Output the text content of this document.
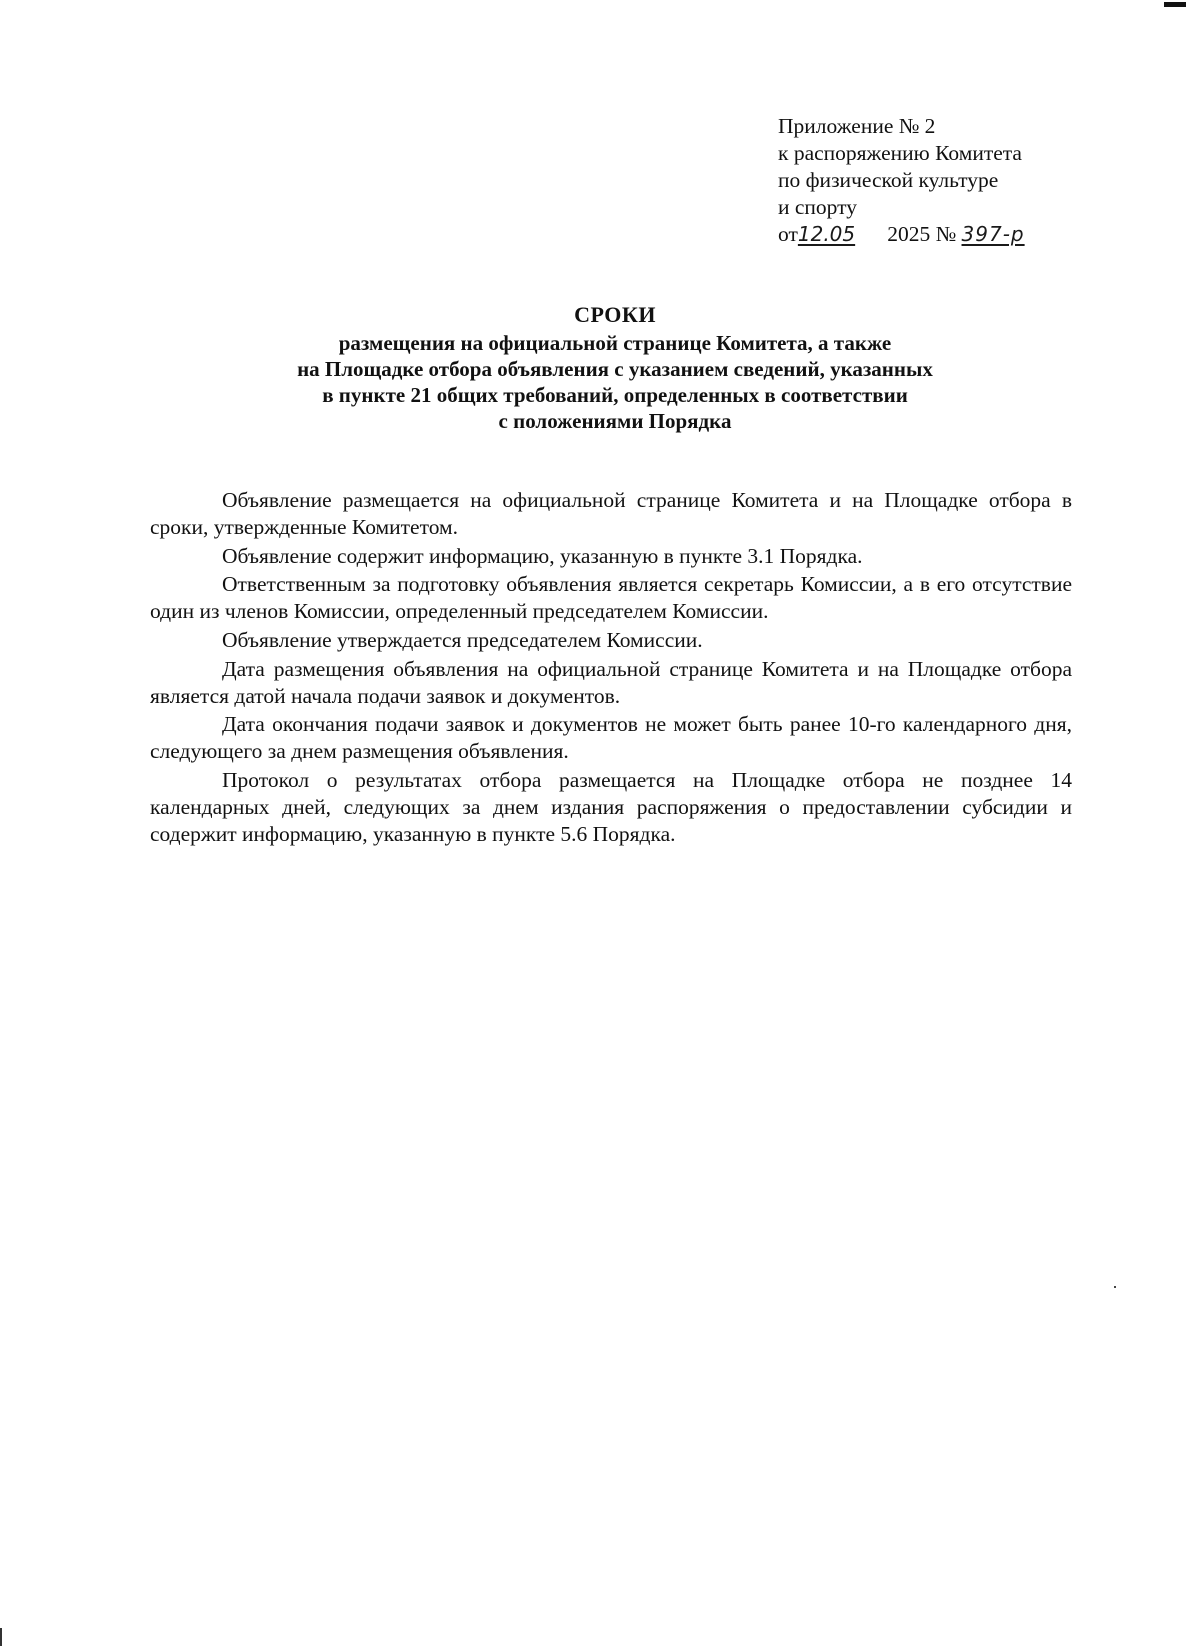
Приложение № 2
к распоряжению Комитета
по физической культуре
и спорту
от12.05 2025 № 397-р
СРОКИ
размещения на официальной странице Комитета, а также
на Площадке отбора объявления с указанием сведений, указанных
в пункте 21 общих требований, определенных в соответствии
с положениями Порядка

Объявление размещается на официальной странице Комитета и на Площадке отбора в сроки, утвержденные Комитетом.

Объявление содержит информацию, указанную в пункте 3.1 Порядка.

Ответственным за подготовку объявления является секретарь Комиссии, а в его отсутствие один из членов Комиссии, определенный председателем Комиссии.

Объявление утверждается председателем Комиссии.

Дата размещения объявления на официальной странице Комитета и на Площадке отбора является датой начала подачи заявок и документов.

Дата окончания подачи заявок и документов не может быть ранее 10-го календарного дня, следующего за днем размещения объявления.

Протокол о результатах отбора размещается на Площадке отбора не позднее 14 календарных дней, следующих за днем издания распоряжения о предоставлении субсидии и содержит информацию, указанную в пункте 5.6 Порядка.
